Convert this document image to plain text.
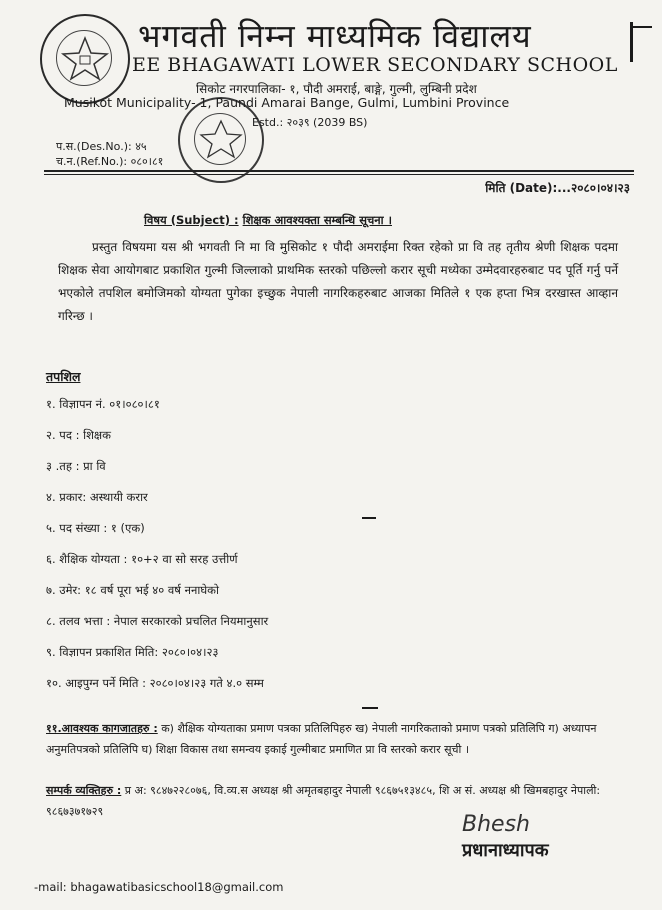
भगवती निम्न माध्यमिक विद्यालय
EE BHAGAWATI LOWER SECONDARY SCHOOL
सिकोट नगरपालिका- १, पौदी अमराई, बाङ्गे, गुल्मी, लुम्बिनी प्रदेश
Musikot Municipality- 1, Paundi Amarai Bange, Gulmi, Lumbini Province
Estd.: २०३९ (2039 BS)
प.स.(Des.No.): ४५
च.न.(Ref.No.): ०८०।८१
मिति (Date):...२०८०।०४।२३
विषय (Subject) : शिक्षक आवश्यक्ता सम्बन्धि सूचना ।
प्रस्तुत विषयमा यस श्री भगवती नि मा वि मुसिकोट १ पौदी अमराईमा रिक्त रहेको प्रा वि तह तृतीय श्रेणी शिक्षक पदमा शिक्षक सेवा आयोगबाट प्रकाशित गुल्मी जिल्लाको प्राथमिक स्तरको पछिल्लो करार सूची मध्येका उम्मेदवारहरुबाट पद पूर्ति गर्नु पर्ने भएकोले तपशिल बमोजिमको योग्यता पुगेका इच्छुक नेपाली नागरिकहरुबाट आजका मितिले १ एक हप्ता भित्र दरखास्त आव्हान गरिन्छ ।
तपशिल
१. विज्ञापन नं. ०१।०८०।८१
२. पद : शिक्षक
३ .तह : प्रा वि
४. प्रकार: अस्थायी करार
५. पद संख्या : १ (एक)
६. शैक्षिक योग्यता : १०+२ वा सो सरह उत्तीर्ण
७. उमेर: १८ वर्ष पूरा भई ४० वर्ष ननाघेको
८. तलव भत्ता : नेपाल सरकारको प्रचलित नियमानुसार
९. विज्ञापन प्रकाशित मिति: २०८०।०४।२३
१०. आइपुग्न पर्ने मिति : २०८०।०४।२३ गते ४.० सम्म
११.आवश्यक कागजातहरु : क) शैक्षिक योग्यताका प्रमाण पत्रका प्रतिलिपिहरु ख) नेपाली नागरिकताको प्रमाण पत्रको प्रतिलिपि ग) अध्यापन अनुमतिपत्रको प्रतिलिपि घ) शिक्षा विकास तथा समन्वय इकाई गुल्मीबाट प्रमाणित प्रा वि स्तरको करार सूची ।
सम्पर्क व्यक्तिहरु : प्र अ: ९८४७२२८०७६, वि.व्य.स अध्यक्ष श्री अमृतबहादुर नेपाली ९८६७५१३४८५, शि अ सं. अध्यक्ष श्री खिमबहादुर नेपाली: ९८६७३७१७२९
Bhesh
प्रधानाध्यापक
-mail: bhagawatibasicschool18@gmail.com
